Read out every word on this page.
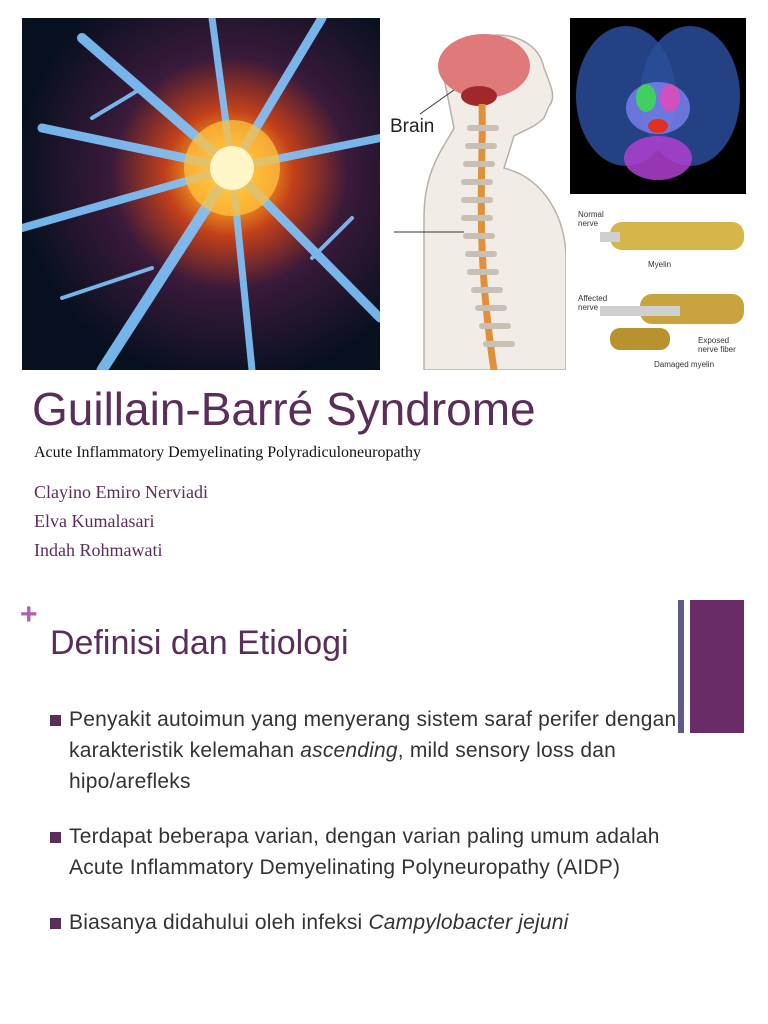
Brain
Normal nerve
Myelin
Affected nerve
Exposed nerve fiber
Damaged myelin
Guillain-Barré Syndrome
Acute Inflammatory Demyelinating Polyradiculoneuropathy
Clayino Emiro Nerviadi
Elva Kumalasari
Indah Rohmawati
+
Definisi dan Etiologi
Penyakit autoimun yang menyerang sistem saraf perifer dengan karakteristik kelemahan ascending, mild sensory loss dan hipo/arefleks
Terdapat beberapa varian, dengan varian paling umum adalah Acute Inflammatory Demyelinating Polyneuropathy (AIDP)
Biasanya didahului oleh infeksi Campylobacter jejuni
